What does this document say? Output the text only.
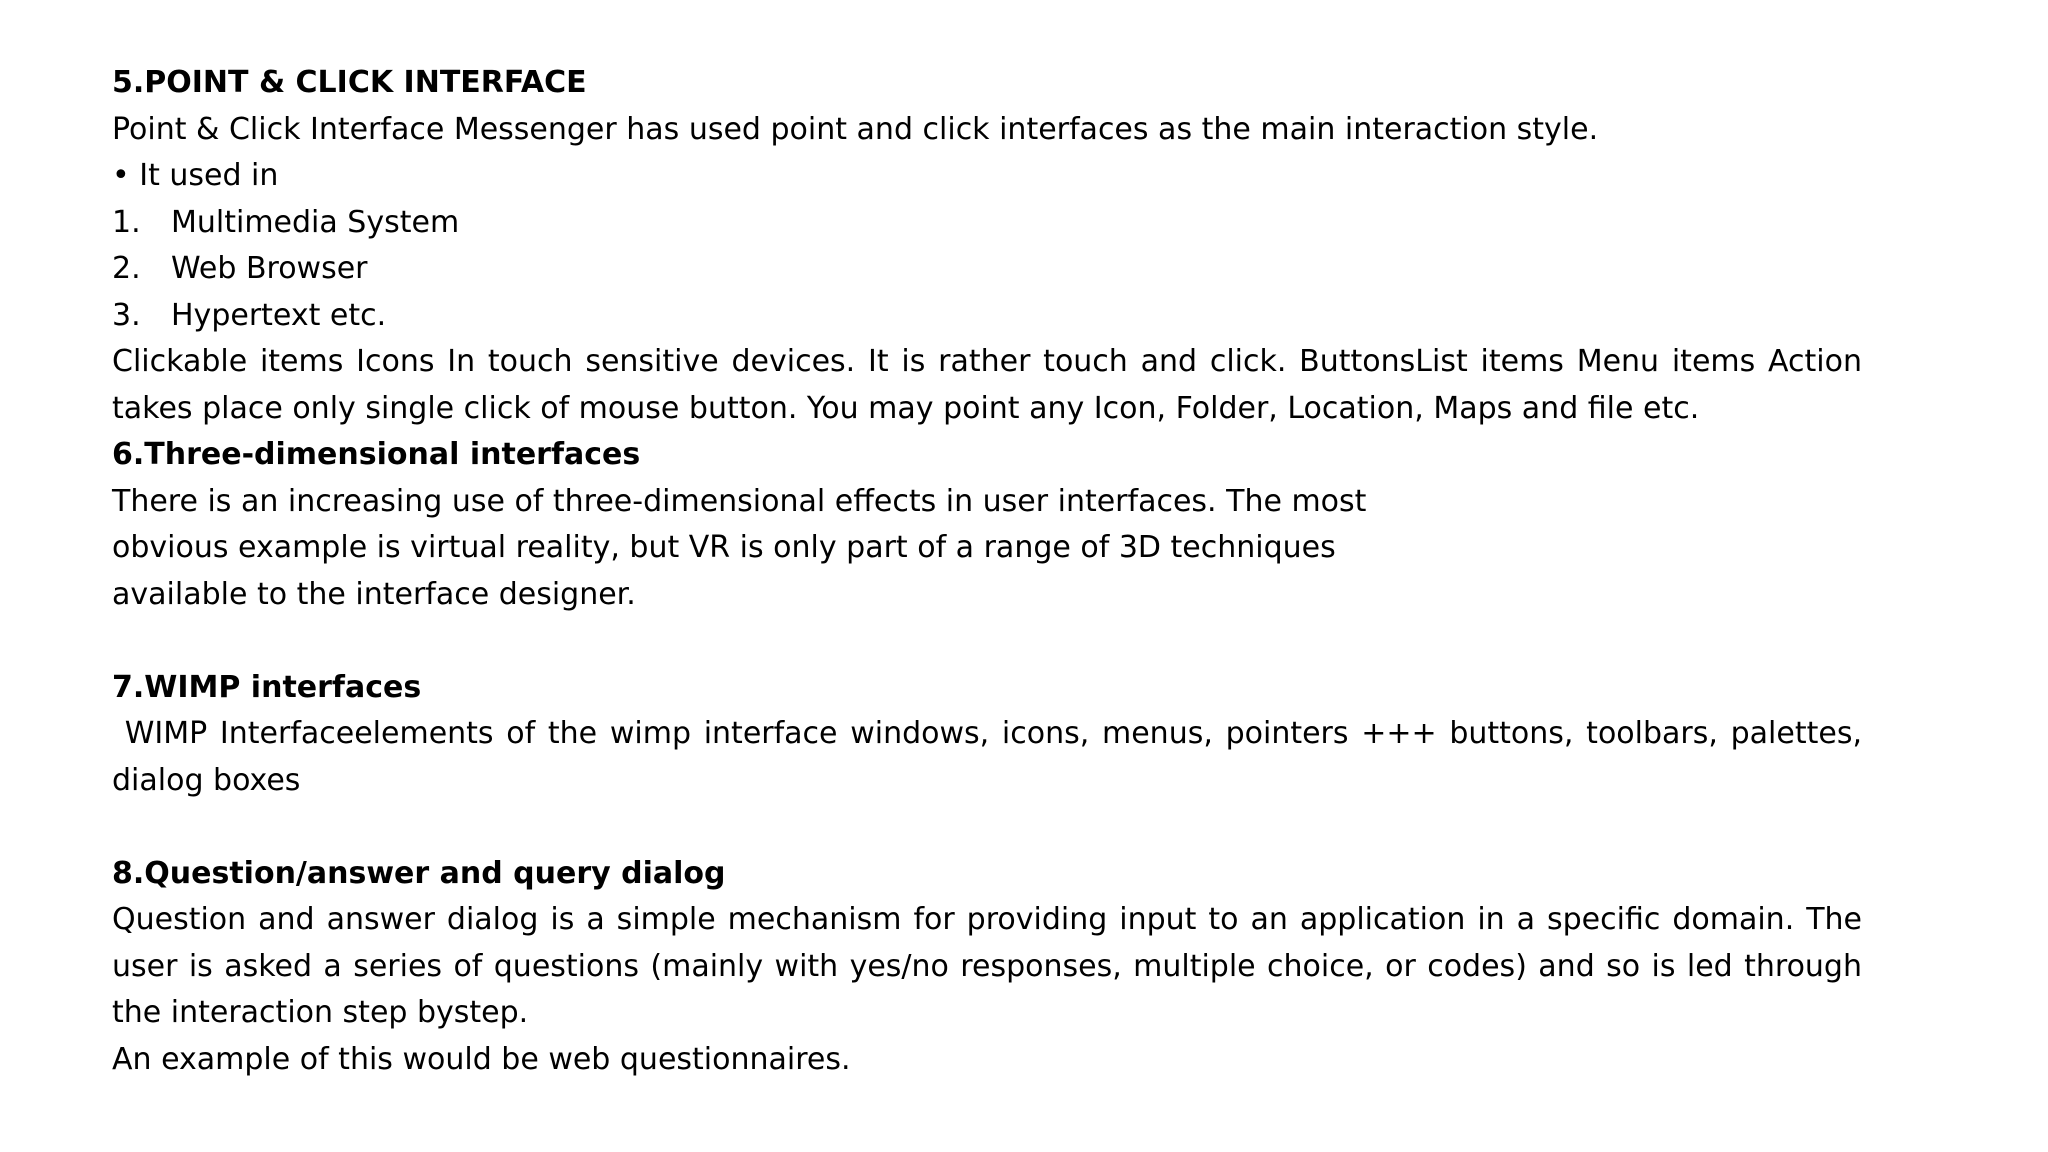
5.POINT & CLICK INTERFACE
Point & Click Interface Messenger has used point and click interfaces as the main interaction style.
• It used in
1. Multimedia System
2. Web Browser
3. Hypertext etc.
Clickable items Icons In touch sensitive devices. It is rather touch and click. ButtonsList items Menu items Action takes place only single click of mouse button. You may point any Icon, Folder, Location, Maps and file etc.
6.Three-dimensional interfaces
There is an increasing use of three-dimensional effects in user interfaces. The most
obvious example is virtual reality, but VR is only part of a range of 3D techniques
available to the interface designer.
7.WIMP interfaces
WIMP Interfaceelements of the wimp interface windows, icons, menus, pointers +++ buttons, toolbars, palettes, dialog boxes
8.Question/answer and query dialog
Question and answer dialog is a simple mechanism for providing input to an application in a specific domain. The user is asked a series of questions (mainly with yes/no responses, multiple choice, or codes) and so is led through the interaction step bystep.
An example of this would be web questionnaires.
